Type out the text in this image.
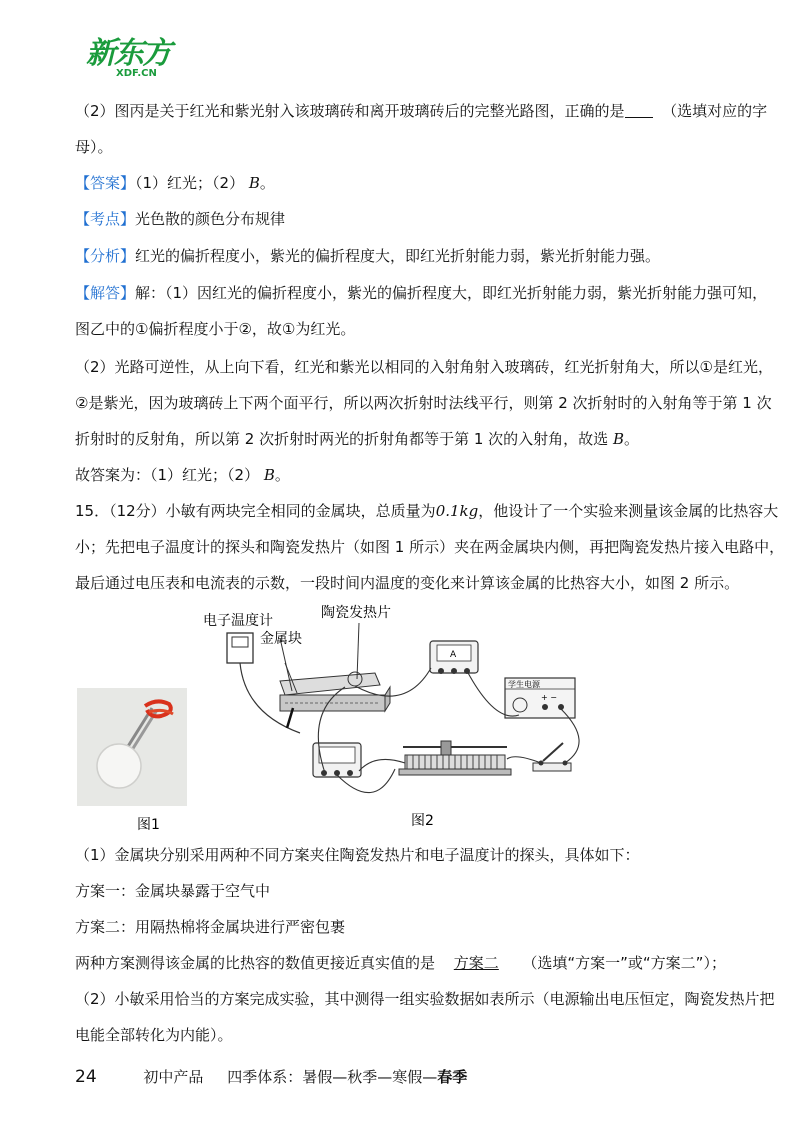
新东方
XDF.CN
（2）图丙是关于红光和紫光射入该玻璃砖和离开玻璃砖后的完整光路图，正确的是	（选填对应的字
母）。
【答案】（1）红光；（2） B。
【考点】光色散的颜色分布规律
【分析】红光的偏折程度小，紫光的偏折程度大，即红光折射能力弱，紫光折射能力强。
【解答】解：（1）因红光的偏折程度小，紫光的偏折程度大，即红光折射能力弱，紫光折射能力强可知，
图乙中的①偏折程度小于②，故①为红光。
（2）光路可逆性，从上向下看，红光和紫光以相同的入射角射入玻璃砖，红光折射角大，所以①是红光，
②是紫光，因为玻璃砖上下两个面平行，所以两次折射时法线平行，则第 2 次折射时的入射角等于第 1 次
折射时的反射角，所以第 2 次折射时两光的折射角都等于第 1 次的入射角，故选 B。
故答案为：（1）红光；（2） B。
15．（12分）小敏有两块完全相同的金属块，总质量为0.1kg，他设计了一个实验来测量该金属的比热容大
小；先把电子温度计的探头和陶瓷发热片（如图 1 所示）夹在两金属块内侧，再把陶瓷发热片接入电路中，
最后通过电压表和电流表的示数，一段时间内温度的变化来计算该金属的比热容大小，如图 2 所示。
A
学生电源
+ −
电子温度计
金属块
陶瓷发热片
图1	图2
（1）金属块分别采用两种不同方案夹住陶瓷发热片和电子温度计的探头，具体如下：
方案一：金属块暴露于空气中
方案二：用隔热棉将金属块进行严密包裹
两种方案测得该金属的比热容的数值更接近真实值的是 方案二 （选填“方案一”或“方案二”）；
（2）小敏采用恰当的方案完成实验，其中测得一组实验数据如表所示（电源输出电压恒定，陶瓷发热片把
电能全部转化为内能）。
24	初中产品 四季体系：暑假—秋季—寒假—春季
